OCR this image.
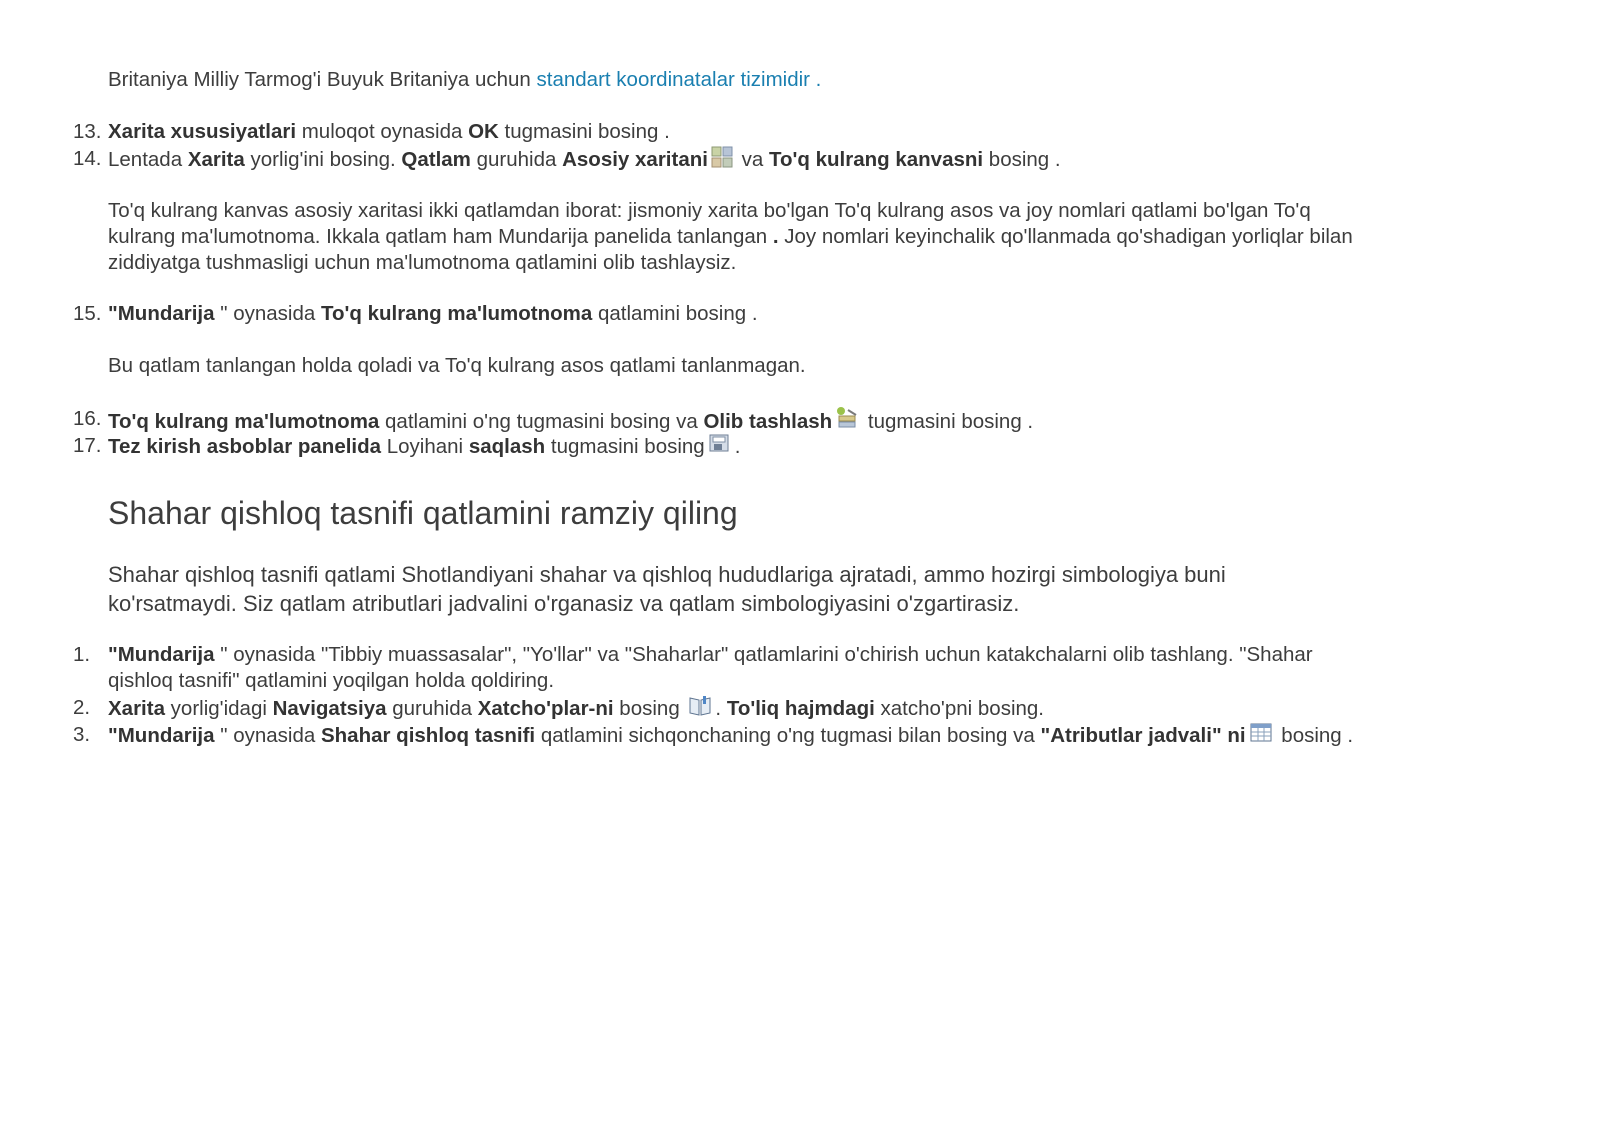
Britaniya Milliy Tarmog'i Buyuk Britaniya uchun standart koordinatalar tizimidir .
13. Xarita xususiyatlari muloqot oynasida OK tugmasini bosing .
14. Lentada Xarita yorlig'ini bosing. Qatlam guruhida Asosiy xaritani va To'q kulrang kanvasni bosing .
To'q kulrang kanvas asosiy xaritasi ikki qatlamdan iborat: jismoniy xarita bo'lgan To'q kulrang asos va joy nomlari qatlami bo'lgan To'q
kulrang ma'lumotnoma. Ikkala qatlam ham Mundarija panelida tanlangan . Joy nomlari keyinchalik qo'llanmada qo'shadigan yorliqlar bilan
ziddiyatga tushmasligi uchun ma'lumotnoma qatlamini olib tashlaysiz.
15. "Mundarija " oynasida To'q kulrang ma'lumotnoma qatlamini bosing .
Bu qatlam tanlangan holda qoladi va To'q kulrang asos qatlami tanlanmagan.
16. To'q kulrang ma'lumotnoma qatlamini o'ng tugmasini bosing va Olib tashlash tugmasini bosing .
17. Tez kirish asboblar panelida Loyihani saqlash tugmasini bosing .
Shahar qishloq tasnifi qatlamini ramziy qiling
Shahar qishloq tasnifi qatlami Shotlandiyani shahar va qishloq hududlariga ajratadi, ammo hozirgi simbologiya buni
ko'rsatmaydi. Siz qatlam atributlari jadvalini o'rganasiz va qatlam simbologiyasini o'zgartirasiz.
1. "Mundarija " oynasida "Tibbiy muassasalar", "Yo'llar" va "Shaharlar" qatlamlarini o'chirish uchun katakchalarni olib tashlang. "Shahar
qishloq tasnifi" qatlamini yoqilgan holda qoldiring.
2. Xarita yorlig'idagi Navigatsiya guruhida Xatcho'plar-ni bosing . To'liq hajmdagi xatcho'pni bosing.
3. "Mundarija " oynasida Shahar qishloq tasnifi qatlamini sichqonchaning o'ng tugmasi bilan bosing va "Atributlar jadvali" ni bosing .
